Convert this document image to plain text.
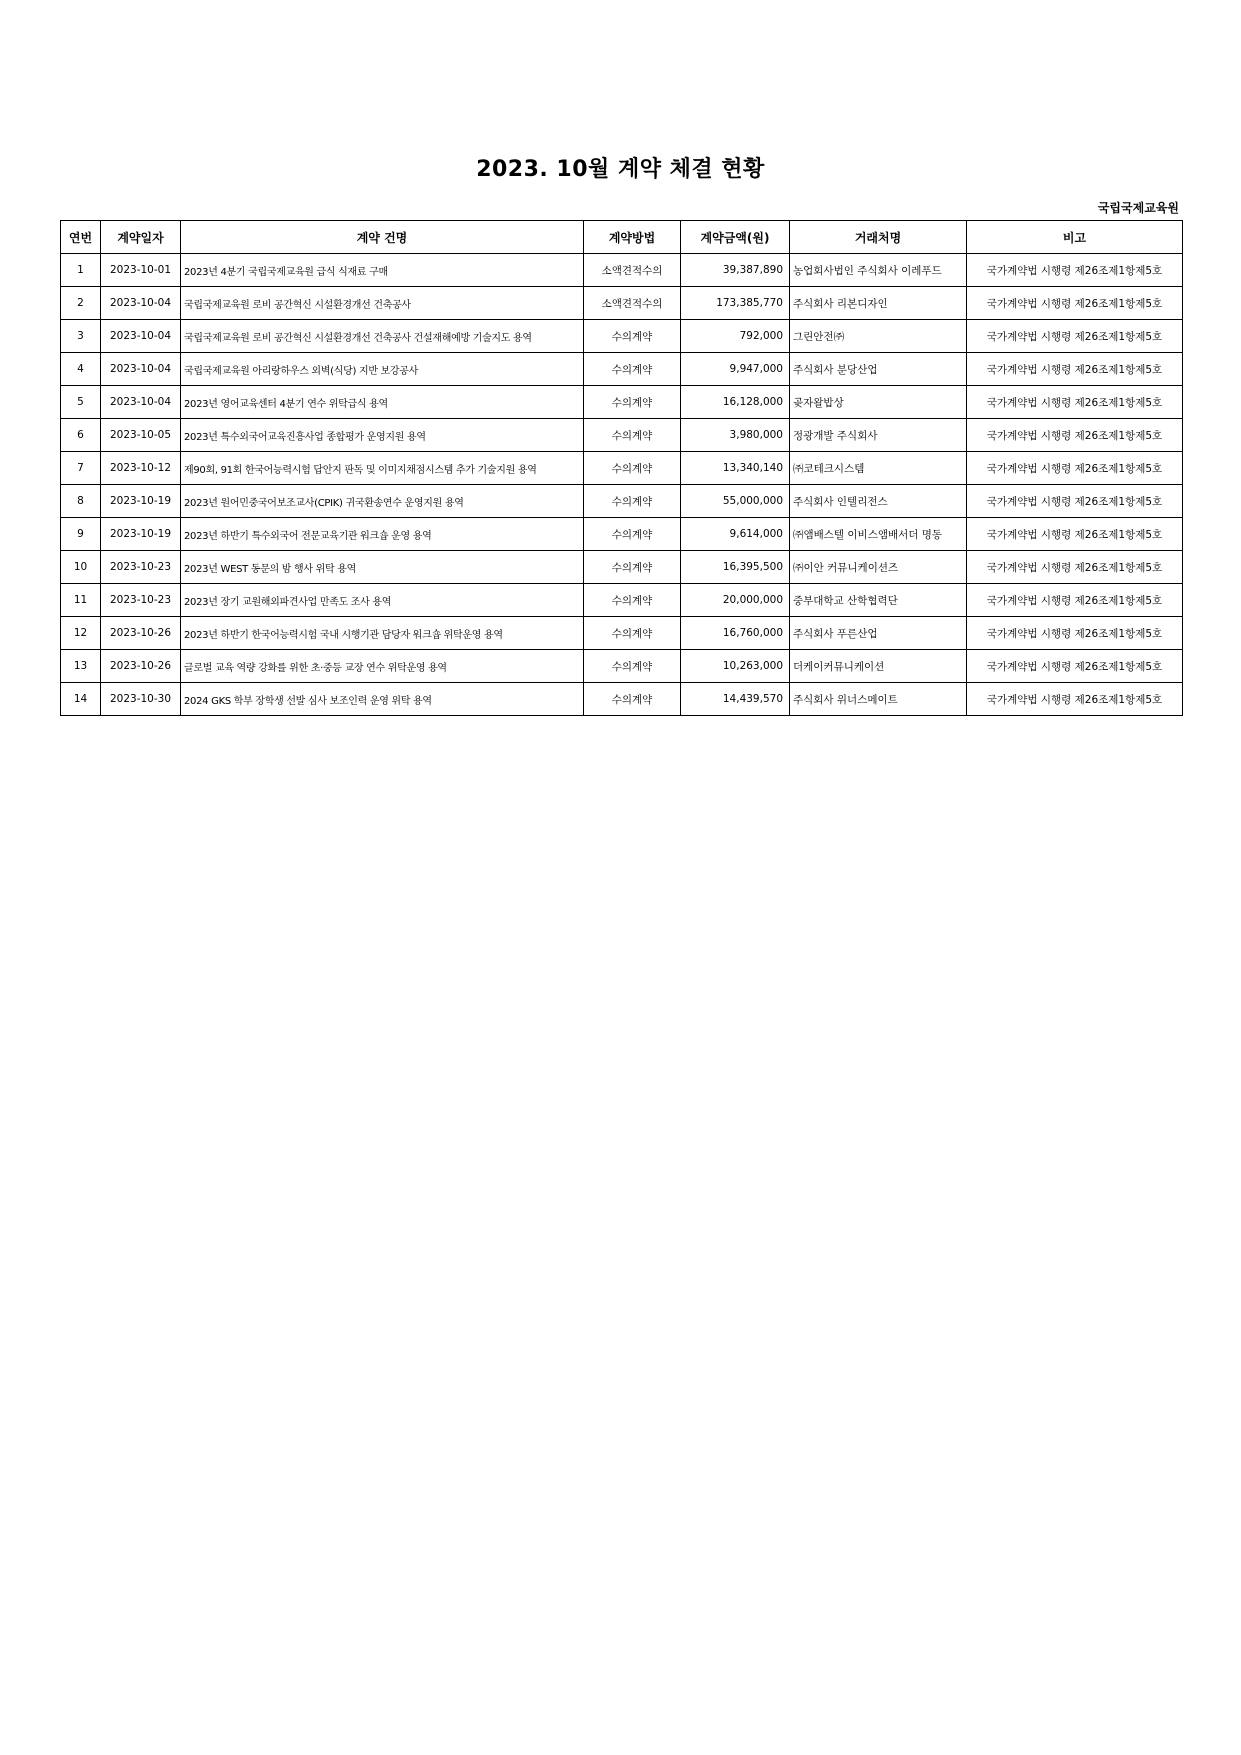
2023. 10월 계약 체결 현황
국립국제교육원
연번	계약일자	계약 건명	계약방법	계약금액(원)	거래처명	비고
1	2023-10-01	2023년 4분기 국립국제교육원 급식 식재료 구매	소액견적수의	39,387,890	농업회사법인 주식회사 이레푸드	국가계약법 시행령 제26조제1항제5호
2	2023-10-04	국립국제교육원 로비 공간혁신 시설환경개선 건축공사	소액견적수의	173,385,770	주식회사 리본디자인	국가계약법 시행령 제26조제1항제5호
3	2023-10-04	국립국제교육원 로비 공간혁신 시설환경개선 건축공사 건설재해예방 기술지도 용역	수의계약	792,000	그린안전㈜	국가계약법 시행령 제26조제1항제5호
4	2023-10-04	국립국제교육원 아리랑하우스 외벽(식당) 지반 보강공사	수의계약	9,947,000	주식회사 분당산업	국가계약법 시행령 제26조제1항제5호
5	2023-10-04	2023년 영어교육센터 4분기 연수 위탁급식 용역	수의계약	16,128,000	곶자왈밥상	국가계약법 시행령 제26조제1항제5호
6	2023-10-05	2023년 특수외국어교육진흥사업 종합평가 운영지원 용역	수의계약	3,980,000	정광개발 주식회사	국가계약법 시행령 제26조제1항제5호
7	2023-10-12	제90회, 91회 한국어능력시험 답안지 판독 및 이미지채점시스템 추가 기술지원 용역	수의계약	13,340,140	㈜코테크시스템	국가계약법 시행령 제26조제1항제5호
8	2023-10-19	2023년 원어민중국어보조교사(CPIK) 귀국환송연수 운영지원 용역	수의계약	55,000,000	주식회사 인텔리전스	국가계약법 시행령 제26조제1항제5호
9	2023-10-19	2023년 하반기 특수외국어 전문교육기관 워크숍 운영 용역	수의계약	9,614,000	㈜앰배스텔 이비스앰배서더 명동	국가계약법 시행령 제26조제1항제5호
10	2023-10-23	2023년 WEST 동문의 밤 행사 위탁 용역	수의계약	16,395,500	㈜이안 커뮤니케이션즈	국가계약법 시행령 제26조제1항제5호
11	2023-10-23	2023년 장기 교원해외파견사업 만족도 조사 용역	수의계약	20,000,000	중부대학교 산학협력단	국가계약법 시행령 제26조제1항제5호
12	2023-10-26	2023년 하반기 한국어능력시험 국내 시행기관 담당자 워크숍 위탁운영 용역	수의계약	16,760,000	주식회사 푸른산업	국가계약법 시행령 제26조제1항제5호
13	2023-10-26	글로벌 교육 역량 강화를 위한 초·중등 교장 연수 위탁운영 용역	수의계약	10,263,000	더케이커뮤니케이션	국가계약법 시행령 제26조제1항제5호
14	2023-10-30	2024 GKS 학부 장학생 선발 심사 보조인력 운영 위탁 용역	수의계약	14,439,570	주식회사 위너스메이트	국가계약법 시행령 제26조제1항제5호
